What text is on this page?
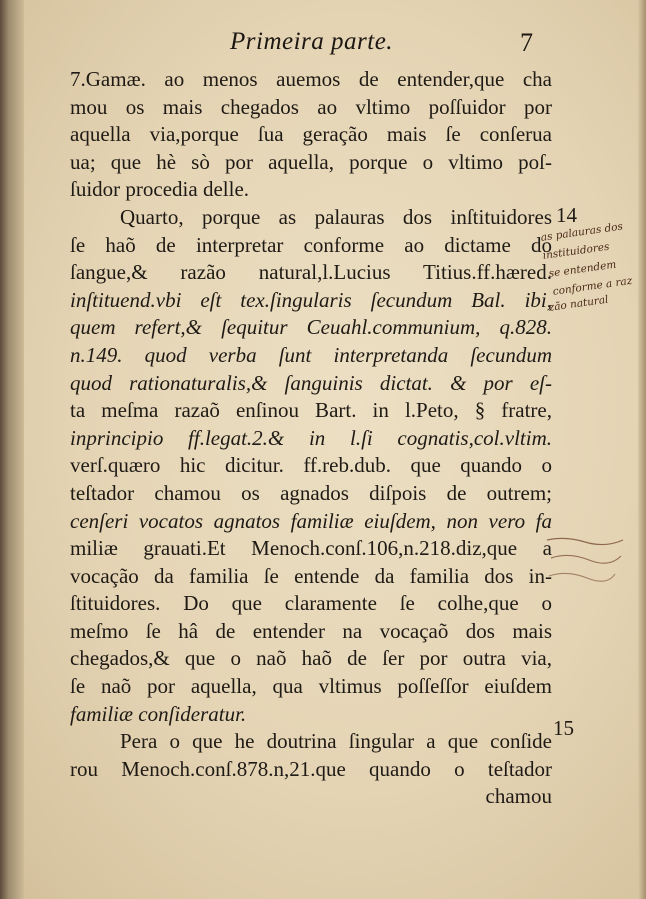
Primeira parte.	7
7.Gamæ. ao menos auemos de entender,que cha
mou os mais chegados ao vltimo poſſuidor por
aquella via,porque ſua geração mais ſe conſerua
ua; que hè sò por aquella, porque o vltimo poſ-
ſuidor procedia delle.
Quarto, porque as palauras dos inſtituidores
ſe haõ de interpretar conforme ao dictame do
ſangue,& razão natural,l.Lucius Titius.ff.hæred.
inſtituend.vbi eſt tex.ſingularis ſecundum Bal. ibi,
quem refert,& ſequitur Ceuahl.communium, q.828.
n.149. quod verba ſunt interpretanda ſecundum
quod rationaturalis,& ſanguinis dictat. & por eſ-
ta meſma razaõ enſinou Bart. in l.Peto, § fratre,
inprincipio ff.legat.2.& in l.ſi cognatis,col.vltim.
verſ.quæro hic dicitur. ff.reb.dub. que quando o
teſtador chamou os agnados diſpois de outrem;
cenſeri vocatos agnatos familiæ eiuſdem, non vero fa
miliæ grauati.Et Menoch.conſ.106,n.218.diz,que a
vocação da familia ſe entende da familia dos in-
ſtituidores. Do que claramente ſe colhe,que o
meſmo ſe hâ de entender na vocaçaõ dos mais
chegados,& que o naõ haõ de ſer por outra via,
ſe naõ por aquella, qua vltimus poſſeſſor eiuſdem
familiæ conſideratur.
Pera o que he doutrina ſingular a que conſide
rou Menoch.conſ.878.n,21.que quando o teſtador
chamou
14
15
as palauras dos
instituidores
se entendem
conforme a raz
zão natural
